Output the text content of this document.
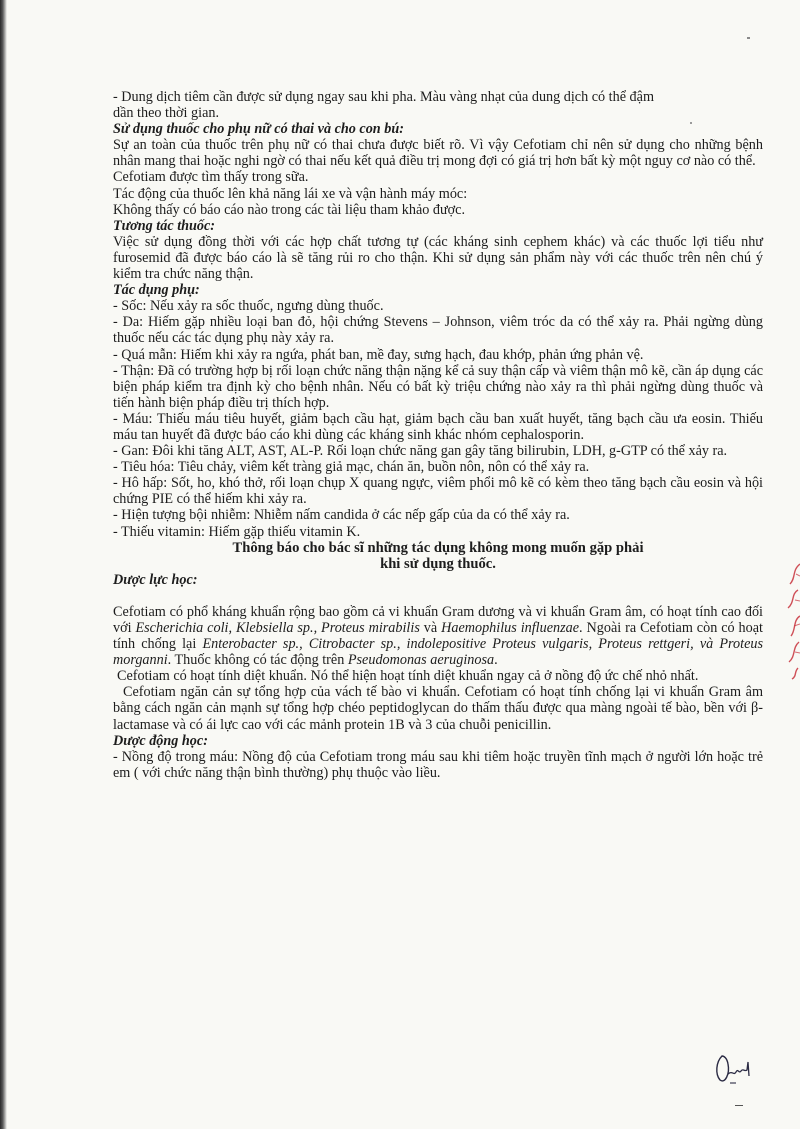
- Dung dịch tiêm cần được sử dụng ngay sau khi pha. Màu vàng nhạt của dung dịch có thể đậm
dần theo thời gian.

Sử dụng thuốc cho phụ nữ có thai và cho con bú:

Sự an toàn của thuốc trên phụ nữ có thai chưa được biết rõ. Vì vậy Cefotiam chỉ nên sử dụng cho những bệnh nhân mang thai hoặc nghi ngờ có thai nếu kết quả điều trị mong đợi có giá trị hơn bất kỳ một nguy cơ nào có thể.

Cefotiam được tìm thấy trong sữa.

Tác động của thuốc lên khả năng lái xe và vận hành máy móc:

Không thấy có báo cáo nào trong các tài liệu tham khảo được.

Tương tác thuốc:

Việc sử dụng đồng thời với các hợp chất tương tự (các kháng sinh cephem khác) và các thuốc lợi tiểu như furosemid đã được báo cáo là sẽ tăng rủi ro cho thận. Khi sử dụng sản phẩm này với các thuốc trên nên chú ý kiểm tra chức năng thận.

Tác dụng phụ:

- Sốc: Nếu xảy ra sốc thuốc, ngưng dùng thuốc.

- Da: Hiếm gặp nhiều loại ban đỏ, hội chứng Stevens – Johnson, viêm tróc da có thể xảy ra. Phải ngừng dùng thuốc nếu các tác dụng phụ này xảy ra.

- Quá mẫn: Hiếm khi xảy ra ngứa, phát ban, mề đay, sưng hạch, đau khớp, phản ứng phản vệ.

- Thận: Đã có trường hợp bị rối loạn chức năng thận nặng kể cả suy thận cấp và viêm thận mô kẽ, cần áp dụng các biện pháp kiểm tra định kỳ cho bệnh nhân. Nếu có bất kỳ triệu chứng nào xảy ra thì phải ngừng dùng thuốc và tiến hành biện pháp điều trị thích hợp.

- Máu: Thiếu máu tiêu huyết, giảm bạch cầu hạt, giảm bạch cầu ban xuất huyết, tăng bạch cầu ưa eosin. Thiếu máu tan huyết đã được báo cáo khi dùng các kháng sinh khác nhóm cephalosporin.

- Gan: Đôi khi tăng ALT, AST, AL-P. Rối loạn chức năng gan gây tăng bilirubin, LDH, g-GTP có thể xảy ra.

- Tiêu hóa: Tiêu chảy, viêm kết tràng giả mạc, chán ăn, buồn nôn, nôn có thể xảy ra.

- Hô hấp: Sốt, ho, khó thở, rối loạn chụp X quang ngực, viêm phổi mô kẽ có kèm theo tăng bạch cầu eosin và hội chứng PIE có thể hiếm khi xảy ra.

- Hiện tượng bội nhiễm: Nhiễm nấm candida ở các nếp gấp của da có thể xảy ra.

- Thiếu vitamin: Hiếm gặp thiếu vitamin K.

Thông báo cho bác sĩ những tác dụng không mong muốn gặp phải

khi sử dụng thuốc.

Dược lực học:

Cefotiam có phổ kháng khuẩn rộng bao gồm cả vi khuẩn Gram dương và vi khuẩn Gram âm, có hoạt tính cao đối với Escherichia coli, Klebsiella sp., Proteus mirabilis và Haemophilus influenzae. Ngoài ra Cefotiam còn có hoạt tính chống lại Enterobacter sp., Citrobacter sp., indolepositive Proteus vulgaris, Proteus rettgeri, và Proteus morganni. Thuốc không có tác động trên Pseudomonas aeruginosa.

Cefotiam có hoạt tính diệt khuẩn. Nó thể hiện hoạt tính diệt khuẩn ngay cả ở nồng độ ức chế nhỏ nhất.

Cefotiam ngăn cản sự tổng hợp của vách tế bào vi khuẩn. Cefotiam có hoạt tính chống lại vi khuẩn Gram âm bằng cách ngăn cản mạnh sự tổng hợp chéo peptidoglycan do thấm thấu được qua màng ngoài tế bào, bền với β-lactamase và có ái lực cao với các mảnh protein 1B và 3 của chuỗi penicillin.

Dược động học:

- Nồng độ trong máu: Nồng độ của Cefotiam trong máu sau khi tiêm hoặc truyền tĩnh mạch ở người lớn hoặc trẻ em ( với chức năng thận bình thường) phụ thuộc vào liều.
